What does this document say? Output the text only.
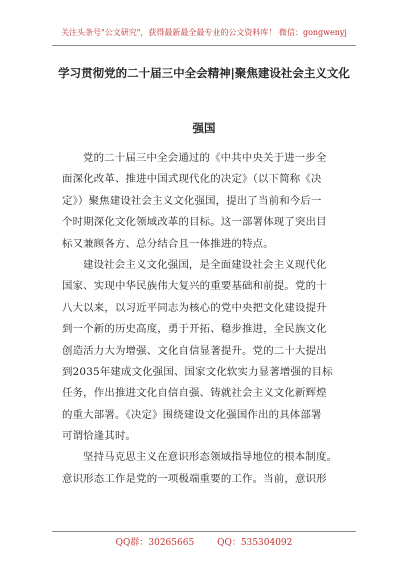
关注头条号"公文研究"，获得最新最全最专业的公文资料库！ 微信：gongwenyj
学习贯彻党的二十届三中全会精神|聚焦建设社会主义文化
强国
党的二十届三中全会通过的《中共中央关于进一步全
面深化改革、推进中国式现代化的决定》（以下简称《决
定》）聚焦建设社会主义文化强国，提出了当前和今后一
个时期深化文化领域改革的目标。这一部署体现了突出目
标又兼顾各方、总分结合且一体推进的特点。
建设社会主义文化强国，是全面建设社会主义现代化
国家、实现中华民族伟大复兴的重要基础和前提。党的十
八大以来，以习近平同志为核心的党中央把文化建设提升
到一个新的历史高度，勇于开拓、稳步推进，全民族文化
创造活力大为增强、文化自信显著提升。党的二十大提出
到2035年建成文化强国、国家文化软实力显著增强的目标
任务，作出推进文化自信自强、铸就社会主义文化新辉煌
的重大部署。《决定》围绕建设文化强国作出的具体部署
可谓恰逢其时。
坚持马克思主义在意识形态领域指导地位的根本制度。
意识形态工作是党的一项极端重要的工作。当前，意识形
QQ群：30265665	QQ：535304092
